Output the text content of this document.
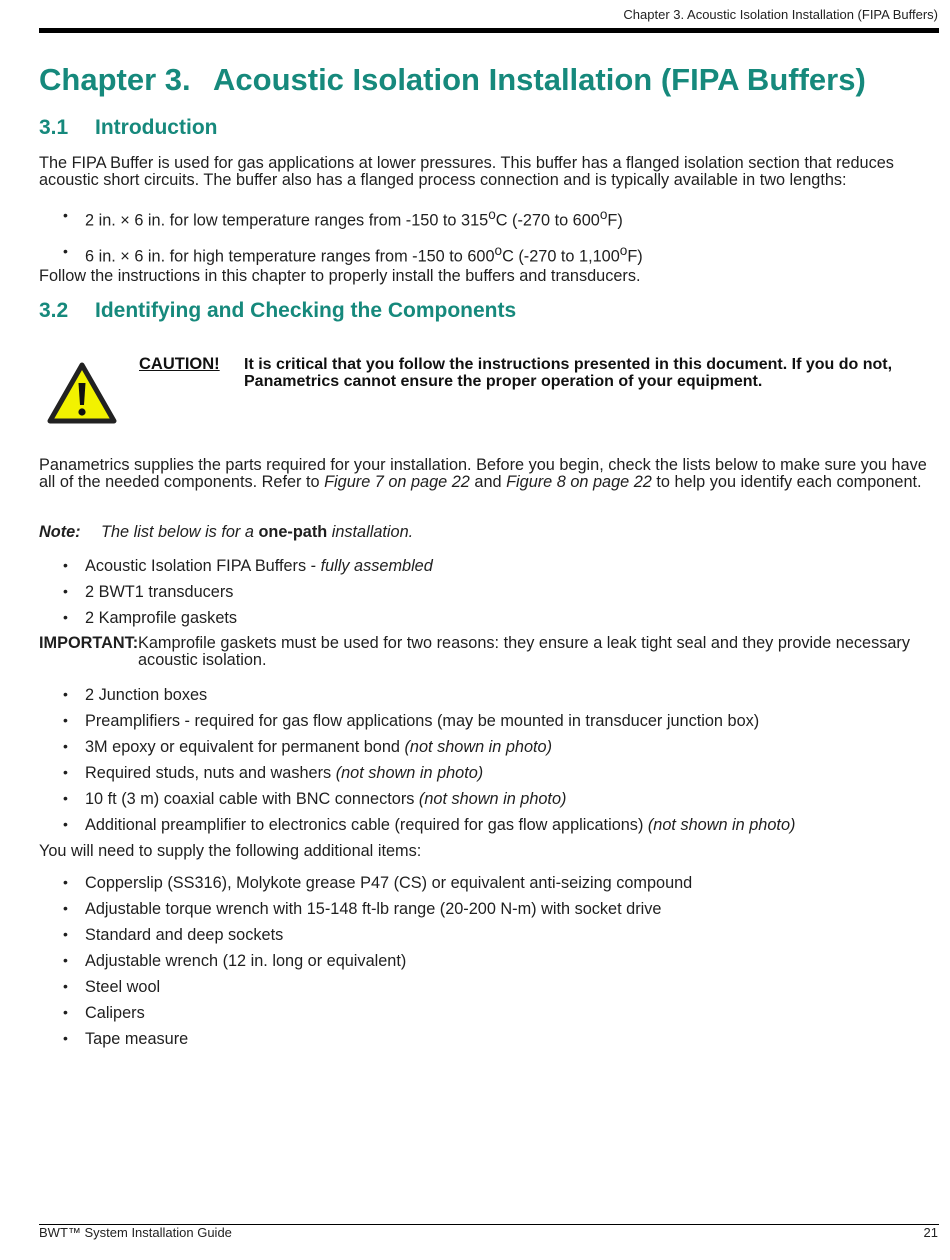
Chapter 3. Acoustic Isolation Installation (FIPA Buffers)
Chapter 3. Acoustic Isolation Installation (FIPA Buffers)
3.1 Introduction

The FIPA Buffer is used for gas applications at lower pressures. This buffer has a flanged isolation section that reduces acoustic short circuits. The buffer also has a flanged process connection and is typically available in two lengths:

• 2 in. × 6 in. for low temperature ranges from -150 to 315$^o$C (-270 to 600$^o$F)
• 6 in. × 6 in. for high temperature ranges from -150 to 600$^o$C (-270 to 1,100$^o$F)

Follow the instructions in this chapter to properly install the buffers and transducers.

3.2 Identifying and Checking the Components
CAUTION! It is critical that you follow the instructions presented in this document. If you do not, Panametrics cannot ensure the proper operation of your equipment.

Panametrics supplies the parts required for your installation. Before you begin, check the lists below to make sure you have all of the needed components. Refer to Figure 7 on page 22 and Figure 8 on page 22 to help you identify each component.

Note: The list below is for a one-path installation.
• Acoustic Isolation FIPA Buffers - fully assembled
• 2 BWT1 transducers
• 2 Kamprofile gaskets
IMPORTANT: Kamprofile gaskets must be used for two reasons: they ensure a leak tight seal and they provide necessary acoustic isolation.
• 2 Junction boxes
• Preamplifiers - required for gas flow applications (may be mounted in transducer junction box)
• 3M epoxy or equivalent for permanent bond (not shown in photo)
• Required studs, nuts and washers (not shown in photo)
• 10 ft (3 m) coaxial cable with BNC connectors (not shown in photo)
• Additional preamplifier to electronics cable (required for gas flow applications) (not shown in photo)

You will need to supply the following additional items:

• Copperslip (SS316), Molykote grease P47 (CS) or equivalent anti-seizing compound
• Adjustable torque wrench with 15-148 ft-lb range (20-200 N-m) with socket drive
• Standard and deep sockets
• Adjustable wrench (12 in. long or equivalent)
• Steel wool
• Calipers
• Tape measure
BWT™ System Installation Guide	21
